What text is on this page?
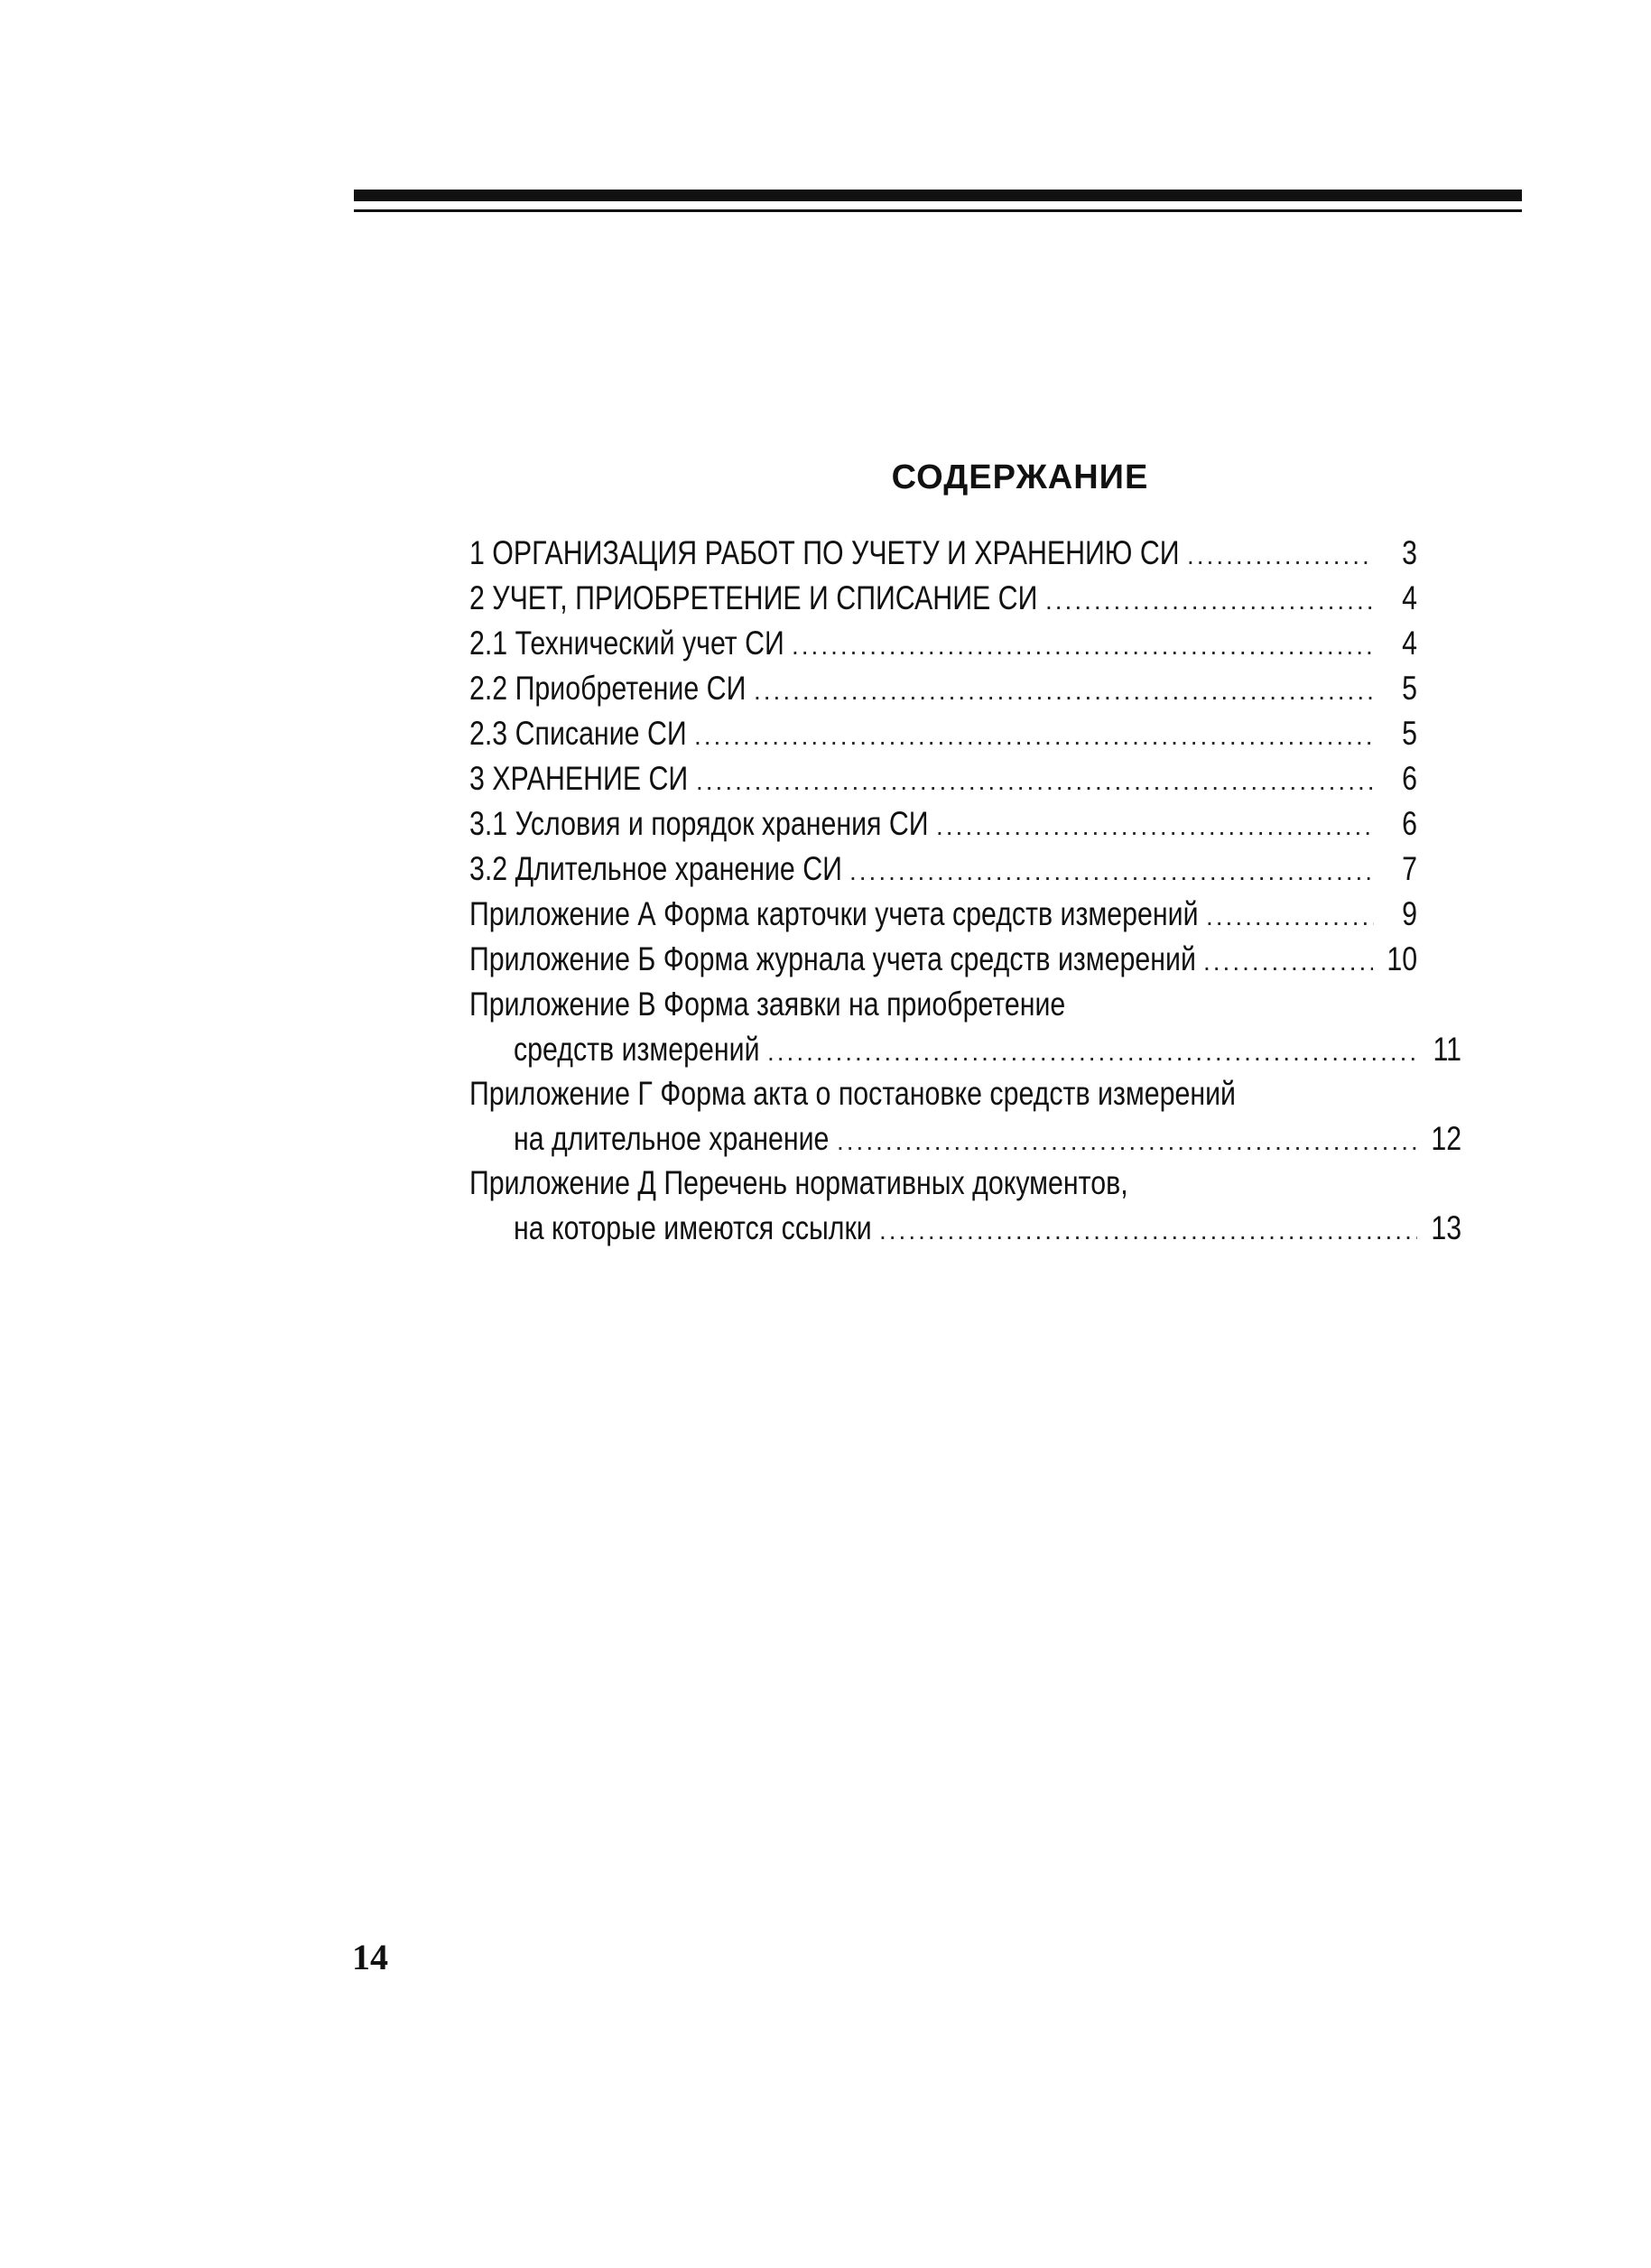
СОДЕРЖАНИЕ
1 ОРГАНИЗАЦИЯ РАБОТ ПО УЧЕТУ И ХРАНЕНИЮ СИ .....	3
2 УЧЕТ, ПРИОБРЕТЕНИЕ И СПИСАНИЕ СИ .....	4
2.1 Технический учет СИ .....	4
2.2 Приобретение СИ .....	5
2.3 Списание СИ .....	5
3 ХРАНЕНИЕ СИ .....	6
3.1 Условия и порядок хранения СИ .....	6
3.2 Длительное хранение СИ .....	7
Приложение А Форма карточки учета средств измерений .....	9
Приложение Б Форма журнала учета средств измерений .....	10
Приложение В Форма заявки на приобретение
средств измерений .....	11
Приложение Г Форма акта о постановке средств измерений
на длительное хранение .....	12
Приложение Д Перечень нормативных документов,
на которые имеются ссылки .....	13
14
